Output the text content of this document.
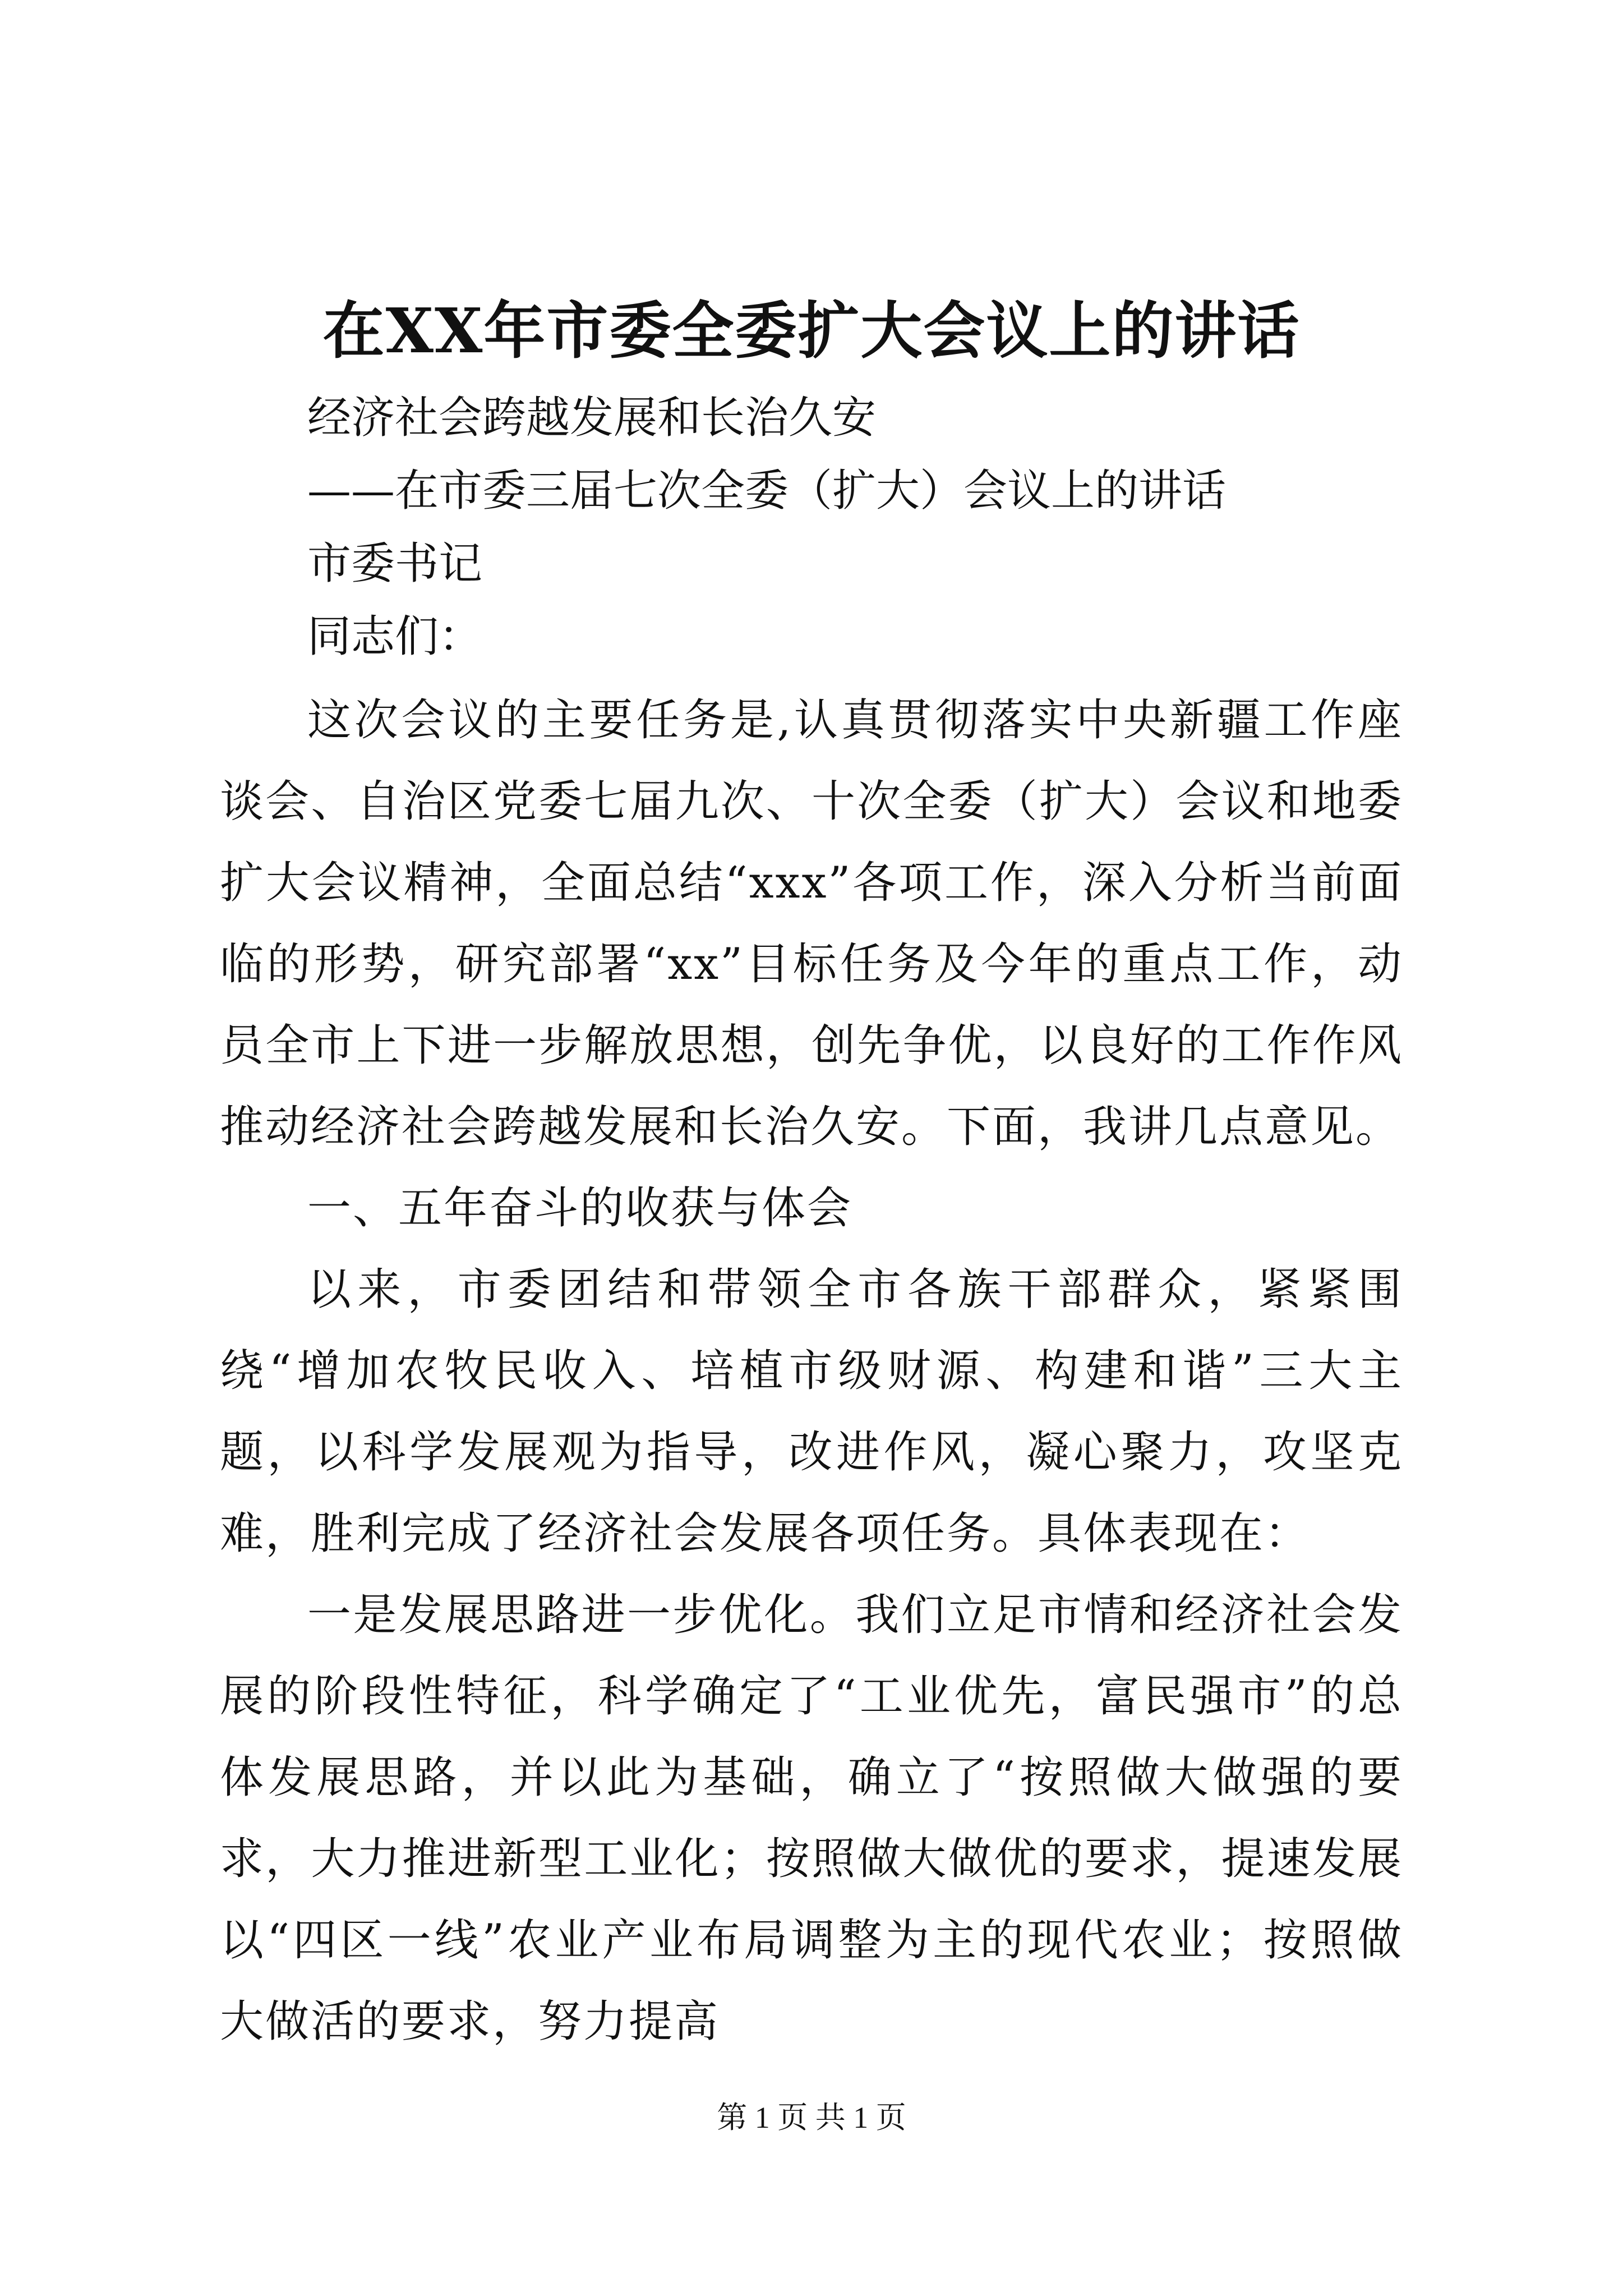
在XX年市委全委扩大会议上的讲话

经济社会跨越发展和长治久安

——在市委三届七次全委（扩大）会议上的讲话

市委书记

同志们：

这次会议的主要任务是,认真贯彻落实中央新疆工作座谈会、自治区党委七届九次、十次全委（扩大）会议和地委扩大会议精神，全面总结“xxx”各项工作，深入分析当前面临的形势，研究部署“xx”目标任务及今年的重点工作，动员全市上下进一步解放思想，创先争优，以良好的工作作风推动经济社会跨越发展和长治久安。下面，我讲几点意见。

一、五年奋斗的收获与体会

以来，市委团结和带领全市各族干部群众，紧紧围绕“增加农牧民收入、培植市级财源、构建和谐”三大主题，以科学发展观为指导，改进作风，凝心聚力，攻坚克难，胜利完成了经济社会发展各项任务。具体表现在：

一是发展思路进一步优化。我们立足市情和经济社会发展的阶段性特征，科学确定了“工业优先，富民强市”的总体发展思路，并以此为基础，确立了“按照做大做强的要求，大力推进新型工业化；按照做大做优的要求，提速发展以“四区一线”农业产业布局调整为主的现代农业；按照做大做活的要求，努力提高

第 1 页 共 1 页
